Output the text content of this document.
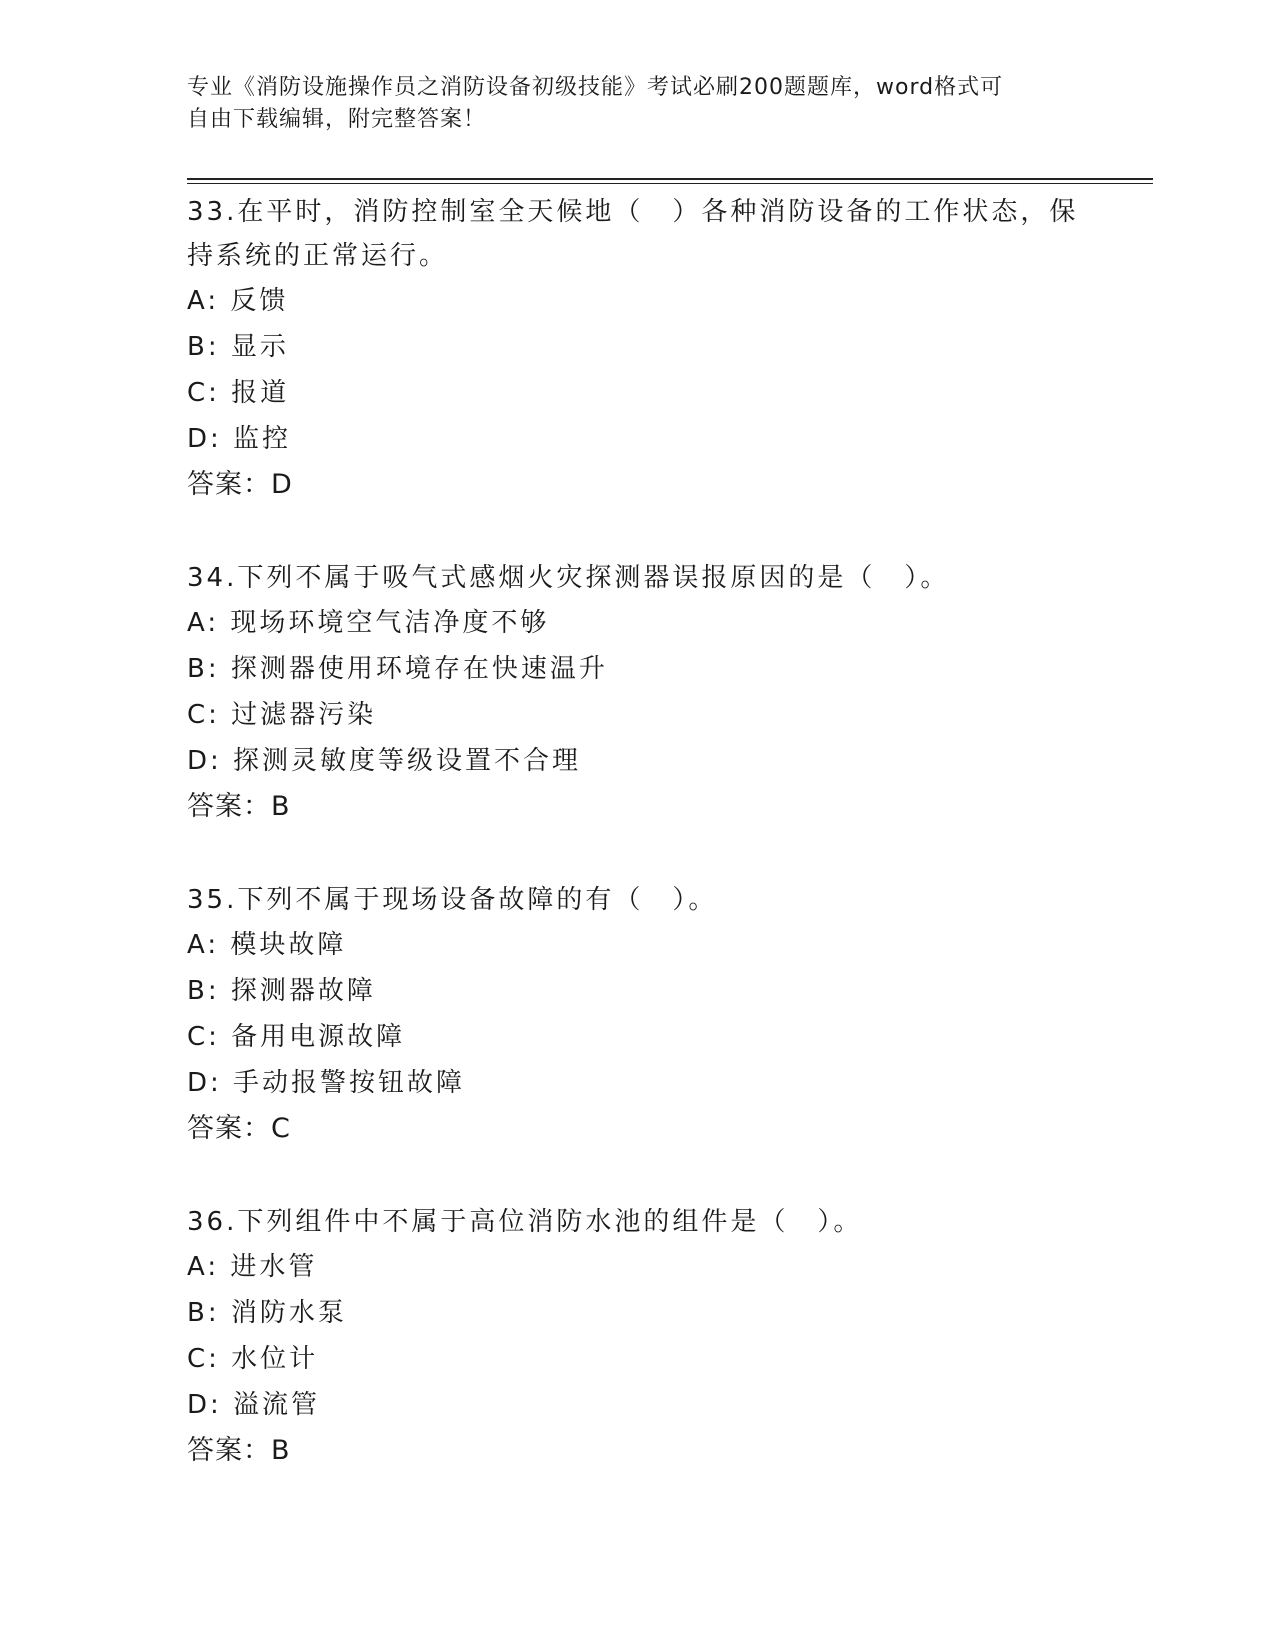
专业《消防设施操作员之消防设备初级技能》考试必刷200题题库，word格式可
自由下载编辑，附完整答案！
33.在平时，消防控制室全天候地（　）各种消防设备的工作状态，保
持系统的正常运行。
A: 反馈
B: 显示
C: 报道
D: 监控
答案：D
34.下列不属于吸气式感烟火灾探测器误报原因的是（　）。
A: 现场环境空气洁净度不够
B: 探测器使用环境存在快速温升
C: 过滤器污染
D: 探测灵敏度等级设置不合理
答案：B
35.下列不属于现场设备故障的有（　）。
A: 模块故障
B: 探测器故障
C: 备用电源故障
D: 手动报警按钮故障
答案：C
36.下列组件中不属于高位消防水池的组件是（　）。
A: 进水管
B: 消防水泵
C: 水位计
D: 溢流管
答案：B
